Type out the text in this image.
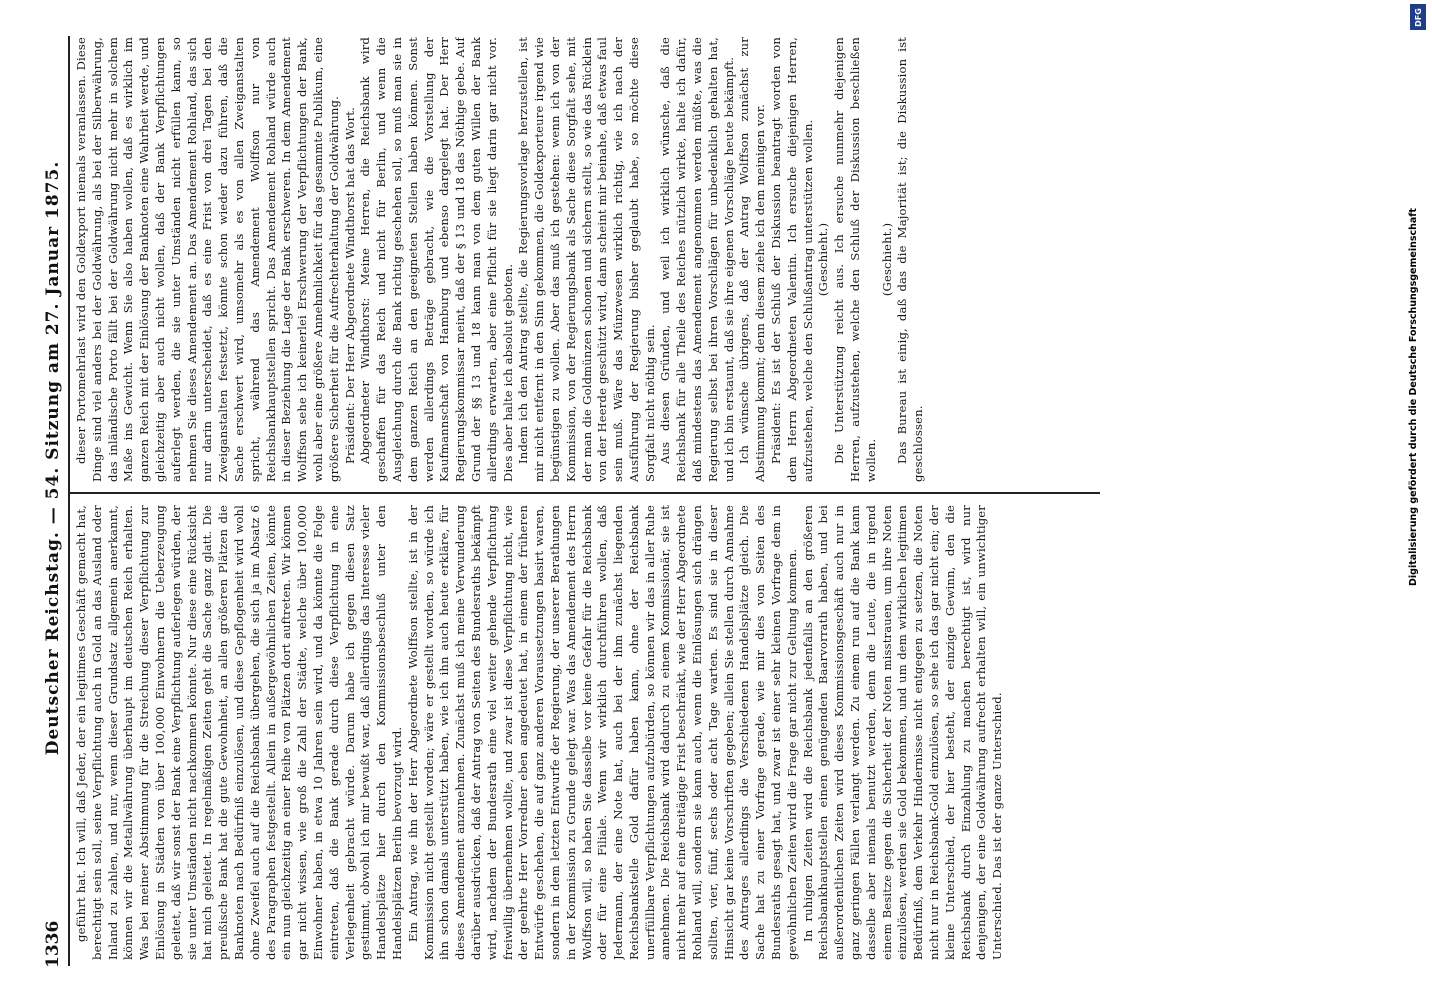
1336
Deutscher Reichstag. — 54. Sitzung am 27. Januar 1875. geführt hat. Ich will, daß Jeder, der ein legitimes Geschäft gemacht hat, berechtigt sein soll, seine Verpflichtung auch in Gold an das Ausland oder Inland zu zahlen, und nur, wenn dieser Grundsatz allgemein anerkannt, können wir die Metallwährung überhaupt im deutschen Reich erhalten. Was bei meiner Abstimmung für die Streichung dieser Verpflichtung zur Einlösung in Städten von über 100,000 Einwohnern die Ueberzeugung geleitet, daß wir sonst der Bank eine Verpflichtung auferlegen würden, der sie unter Umständen nicht nachkommen könnte. Nur diese eine Rücksicht hat mich geleitet. In regelmäßigen Zeiten geht die Sache ganz glatt. Die preußische Bank hat die gute Gewohnheit, an allen größeren Plätzen die Banknoten nach Bedürfniß einzulösen, und diese Gepflogenheit wird wohl ohne Zweifel auch auf die Reichsbank übergehen, die sich ja im Absatz 6 des Paragraphen festgestellt. Allein in außergewöhnlichen Zeiten, könnte ein nun gleichzeitig an einer Reihe von Plätzen dort auftreten. Wir können gar nicht wissen, wie groß die Zahl der Städte, welche über 100,000 Einwohner haben, in etwa 10 Jahren sein wird, und da könnte die Folge eintreten, daß die Bank gerade durch diese Verpflichtung in eine Verlegenheit gebracht würde. Darum habe ich gegen diesen Satz gestimmt, obwohl ich mir bewußt war, daß allerdings das Interesse vieler Handelsplätze hier durch den Kommissionsbeschluß unter den Handelsplätzen Berlin bevorzugt wird. Ein Antrag, wie ihn der Herr Abgeordnete Wolffson stellte, ist in der Kommission nicht gestellt worden; wäre er gestellt worden, so würde ich ihn schon damals unterstützt haben, wie ich ihn auch heute erkläre, für dieses Amendement anzunehmen. Zunächst muß ich meine Verwunderung darüber ausdrücken, daß der Antrag von Seiten des Bundesraths bekämpft wird, nachdem der Bundesrath eine viel weiter gehende Verpflichtung freiwillig übernehmen wollte, und zwar ist diese Verpflichtung nicht, wie der geehrte Herr Vorredner eben angedeutet hat, in einem der früheren Entwürfe geschehen, die auf ganz anderen Voraussetzungen basirt waren, sondern in dem letzten Entwurfe der Regierung, der unserer Berathungen in der Kommission zu Grunde gelegt war. Was das Amendement des Herrn Wolffson will, so haben Sie dasselbe vor keine Gefahr für die Reichsbank oder für eine Filiale. Wenn wir wirklich durchführen wollen, daß Jedermann, der eine Note hat, auch bei der ihm zunächst liegenden Reichsbankstelle Gold dafür haben kann, ohne der Reichsbank unerfüllbare Verpflichtungen aufzubürden, so können wir das in aller Ruhe annehmen. Die Reichsbank wird dadurch zu einem Kommissionär, sie ist nicht mehr auf eine dreitägige Frist beschränkt, wie der Herr Abgeordnete Rohland will, sondern sie kann auch, wenn die Einlösungen sich drängen sollten, vier, fünf, sechs oder acht Tage warten. Es sind sie in dieser Hinsicht gar keine Vorschriften gegeben; allein Sie stellen durch Annahme des Antrages allerdings die Verschiedenen Handelsplätze gleich. Die Sache hat zu einer Vorfrage gerade, wie mir dies von Seiten des Bundesraths gesagt hat, und zwar ist einer sehr kleinen Vorfrage dem in gewöhnlichen Zeiten wird die Frage gar nicht zur Geltung kommen. In ruhigen Zeiten wird die Reichsbank jedenfalls an den größeren Reichsbankhauptstellen einen genügenden Baarvorrath haben, und bei außerordentlichen Zeiten wird dieses Kommissionsgeschäft auch nur in ganz geringen Fällen verlangt werden. Zu einem run auf die Bank kann dasselbe aber niemals benutzt werden, denn die Leute, die in irgend einem Besitze gegen die Sicherheit der Noten misstrauen, um ihre Noten einzulösen, werden sie Gold bekommen, und um dem wirklichen legitimen Bedürfniß, dem Verkehr Hindernisse nicht entgegen zu setzen, die Noten nicht nur in Reichsbank-Gold einzulösen, so sehe ich das gar nicht ein; der kleine Unterschied, der hier besteht, der einzige Gewinn, den die Reichsbank durch Einzahlung zu machen berechtigt ist, wird nur denjenigen, der eine Goldwährung aufrecht erhalten will, ein unwichtiger Unterschied. Das ist der ganze Unterschied.

dieser Portomehrlast wird den Goldexport niemals veranlassen. Diese Dinge sind viel anders bei der Goldwährung, als bei der Silberwährung, das inländische Porto fällt bei der Goldwährung nicht mehr in solchem Maße ins Gewicht. Wenn Sie also haben wollen, daß es wirklich im ganzen Reich mit der Einlösung der Banknoten eine Wahrheit werde, und gleichzeitig aber auch nicht wollen, daß der Bank Verpflichtungen auferlegt werden, die sie unter Umständen nicht erfüllen kann, so nehmen Sie dieses Amendement an. Das Amendement Rohland, das sich nur darin unterscheidet, daß es eine Frist von drei Tagen bei den Zweiganstalten festsetzt, könnte schon wieder dazu führen, daß die Sache erschwert wird, umsomehr als es von allen Zweiganstalten spricht, während das Amendement Wolffson nur von Reichsbankhauptstellen spricht. Das Amendement Rohland würde auch in dieser Beziehung die Lage der Bank erschweren. In dem Amendement Wolffson sehe ich keinerlei Erschwerung der Verpflichtungen der Bank, wohl aber eine größere Annehmlichkeit für das gesammte Publikum, eine größere Sicherheit für die Aufrechterhaltung der Goldwährung. Präsident: Der Herr Abgeordnete Windthorst hat das Wort. Abgeordneter Windthorst: Meine Herren, die Reichsbank wird geschaffen für das Reich und nicht für Berlin, und wenn die Ausgleichung durch die Bank richtig geschehen soll, so muß man sie in dem ganzen Reich an den geeigneten Stellen haben können. Sonst werden allerdings Beträge gebracht, wie die Vorstellung der Kaufmannschaft von Hamburg und ebenso dargelegt hat. Der Herr Regierungskommissar meint, daß der § 13 und 18 das Nöthige gebe. Auf Grund der §§ 13 und 18 kann man von dem guten Willen der Bank allerdings erwarten, aber eine Pflicht für sie liegt darin gar nicht vor. Dies aber halte ich absolut geboten. Indem ich den Antrag stellte, die Regierungsvorlage herzustellen, ist mir nicht entfernt in den Sinn gekommen, die Goldexporteure irgend wie begünstigen zu wollen. Aber das muß ich gestehen: wenn ich von der Kommission, von der Regierungsbank als Sache diese Sorgfalt sehe, mit der man die Goldmünzen schonen und sichern stellt, so wie das Rücklein von der Heerde geschützt wird, dann scheint mir beinahe, daß etwas faul sein muß. Wäre das Münzwesen wirklich richtig, wie ich nach der Ausführung der Regierung bisher geglaubt habe, so möchte diese Sorgfalt nicht nöthig sein. Aus diesen Gründen, und weil ich wirklich wünsche, daß die Reichsbank für alle Theile des Reiches nützlich wirkte, halte ich dafür, daß mindestens das Amendement angenommen werden müßte, was die Regierung selbst bei ihren Vorschlägen für unbedenklich gehalten hat, und ich bin erstaunt, daß sie ihre eigenen Vorschläge heute bekämpft. Ich wünsche übrigens, daß der Antrag Wolffson zunächst zur Abstimmung kommt; denn diesem ziehe ich dem meinigen vor. Präsident: Es ist der Schluß der Diskussion beantragt worden von dem Herrn Abgeordneten Valentin. Ich ersuche diejenigen Herren, aufzustehen, welche den Schlußantrag unterstützen wollen. (Geschieht.) Die Unterstützung reicht aus. Ich ersuche nunmehr diejenigen Herren, aufzustehen, welche den Schluß der Diskussion beschließen wollen.

(Geschieht.) Das Bureau ist einig, daß das die Majorität ist; die Diskussion ist geschlossen.	Digitalisierung gefördert durch die Deutsche Forschungsgemeinschaft
DFG
